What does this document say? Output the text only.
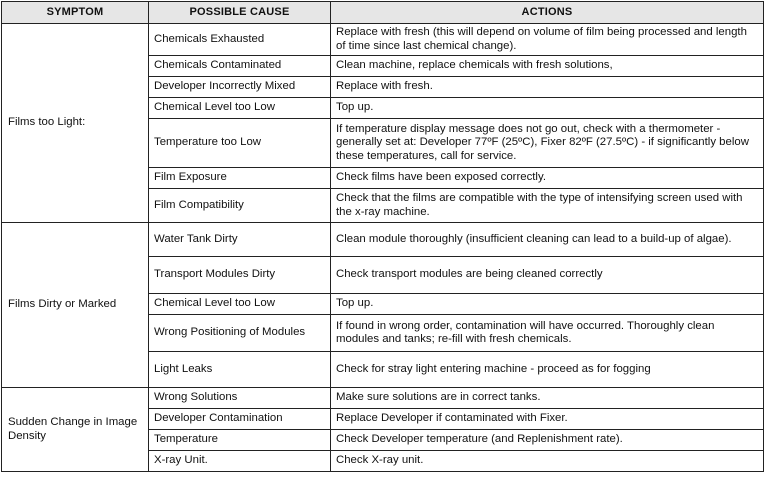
SYMPTOM	POSSIBLE CAUSE	ACTIONS
Films too Light:	Chemicals Exhausted	Replace with fresh (this will depend on volume of film being processed and length of time since last chemical change).
	Chemicals Contaminated	Clean machine, replace chemicals with fresh solutions,
	Developer Incorrectly Mixed	Replace with fresh.
	Chemical Level too Low	Top up.
	Temperature too Low	If temperature display message does not go out, check with a thermometer - generally set at: Developer 77ºF (25ºC), Fixer 82ºF (27.5ºC) - if significantly below these temperatures, call for service.
	Film Exposure	Check films have been exposed correctly.
	Film Compatibility	Check that the films are compatible with the type of intensifying screen used with the x-ray machine.
Films Dirty or Marked	Water Tank Dirty	Clean module thoroughly (insufficient cleaning can lead to a build-up of algae).
	Transport Modules Dirty	Check transport modules are being cleaned correctly
	Chemical Level too Low	Top up.
	Wrong Positioning of Modules	If found in wrong order, contamination will have occurred. Thoroughly clean modules and tanks; re-fill with fresh chemicals.
	Light Leaks	Check for stray light entering machine - proceed as for fogging
Sudden Change in Image Density	Wrong Solutions	Make sure solutions are in correct tanks.
	Developer Contamination	Replace Developer if contaminated with Fixer.
	Temperature	Check Developer temperature (and Replenishment rate).
	X-ray Unit.	Check X-ray unit.
